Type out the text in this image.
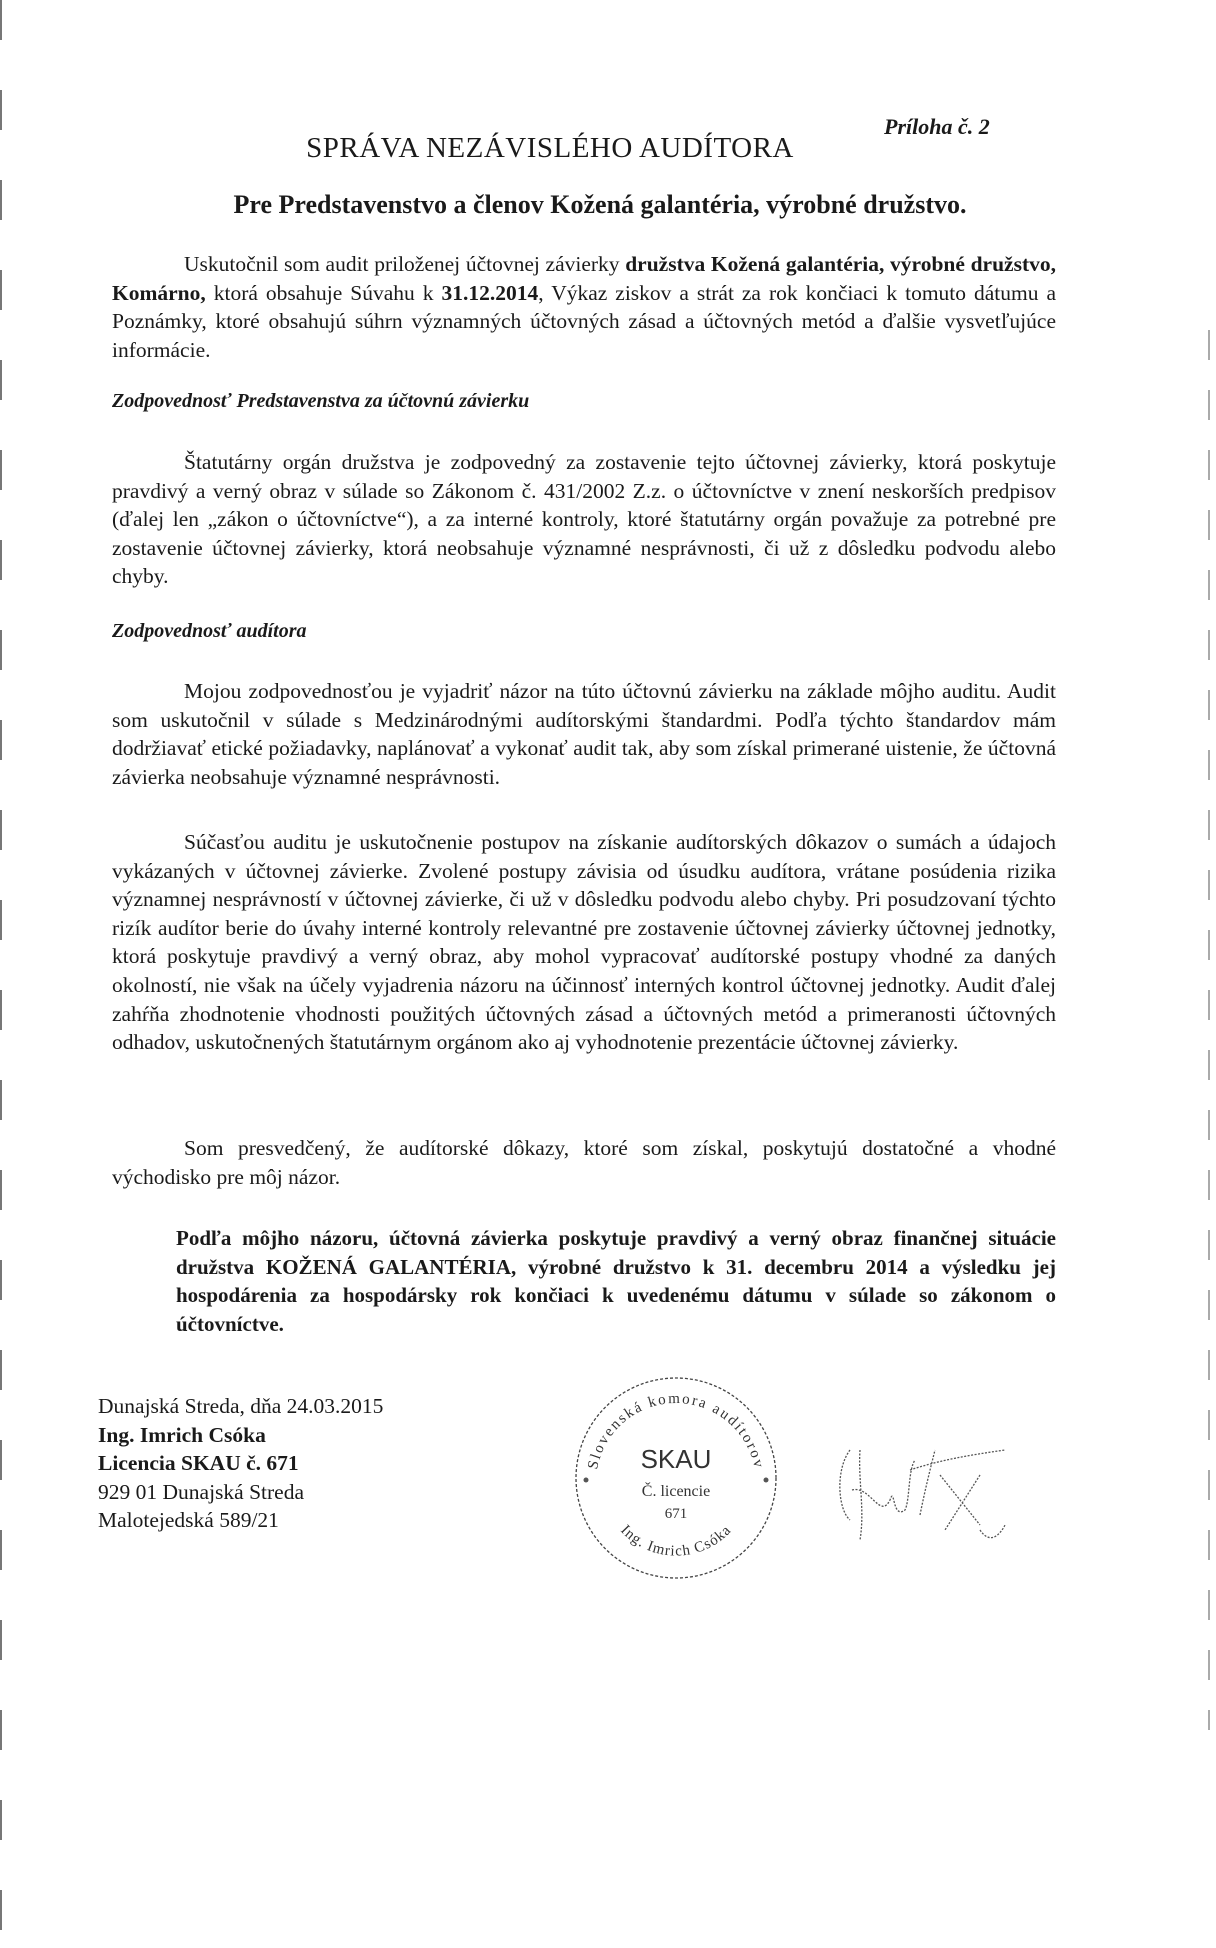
Príloha č. 2
SPRÁVA NEZÁVISLÉHO AUDÍTORA
Pre Predstavenstvo a členov Kožená galantéria, výrobné družstvo.
Uskutočnil som audit priloženej účtovnej závierky družstva Kožená galantéria, výrobné družstvo, Komárno, ktorá obsahuje Súvahu k 31.12.2014, Výkaz ziskov a strát za rok končiaci k tomuto dátumu a Poznámky, ktoré obsahujú súhrn významných účtovných zásad a účtovných metód a ďalšie vysvetľujúce informácie.
Zodpovednosť Predstavenstva za účtovnú závierku
Štatutárny orgán družstva je zodpovedný za zostavenie tejto účtovnej závierky, ktorá poskytuje pravdivý a verný obraz v súlade so Zákonom č. 431/2002 Z.z. o účtovníctve v znení neskorších predpisov (ďalej len „zákon o účtovníctve“), a za interné kontroly, ktoré štatutárny orgán považuje za potrebné pre zostavenie účtovnej závierky, ktorá neobsahuje významné nesprávnosti, či už z dôsledku podvodu alebo chyby.
Zodpovednosť audítora
Mojou zodpovednosťou je vyjadriť názor na túto účtovnú závierku na základe môjho auditu. Audit som uskutočnil v súlade s Medzinárodnými audítorskými štandardmi. Podľa týchto štandardov mám dodržiavať etické požiadavky, naplánovať a vykonať audit tak, aby som získal primerané uistenie, že účtovná závierka neobsahuje významné nesprávnosti.
Súčasťou auditu je uskutočnenie postupov na získanie audítorských dôkazov o sumách a údajoch vykázaných v účtovnej závierke. Zvolené postupy závisia od úsudku audítora, vrátane posúdenia rizika významnej nesprávností v účtovnej závierke, či už v dôsledku podvodu alebo chyby. Pri posudzovaní týchto rizík audítor berie do úvahy interné kontroly relevantné pre zostavenie účtovnej závierky účtovnej jednotky, ktorá poskytuje pravdivý a verný obraz, aby mohol vypracovať audítorské postupy vhodné za daných okolností, nie však na účely vyjadrenia názoru na účinnosť interných kontrol účtovnej jednotky. Audit ďalej zahŕňa zhodnotenie vhodnosti použitých účtovných zásad a účtovných metód a primeranosti účtovných odhadov, uskutočnených štatutárnym orgánom ako aj vyhodnotenie prezentácie účtovnej závierky.
Som presvedčený, že audítorské dôkazy, ktoré som získal, poskytujú dostatočné a vhodné východisko pre môj názor.
Podľa môjho názoru, účtovná závierka poskytuje pravdivý a verný obraz finančnej situácie družstva KOŽENÁ GALANTÉRIA, výrobné družstvo k 31. decembru 2014 a výsledku jej hospodárenia za hospodársky rok končiaci k uvedenému dátumu v súlade so zákonom o účtovníctve.
Dunajská Streda, dňa 24.03.2015
Ing. Imrich Csóka
Licencia SKAU č. 671
929 01 Dunajská Streda
Malotejedská 589/21
Slovenská komora audítorov
Ing. Imrich Csóka
SKAU
Č. licencie
671
